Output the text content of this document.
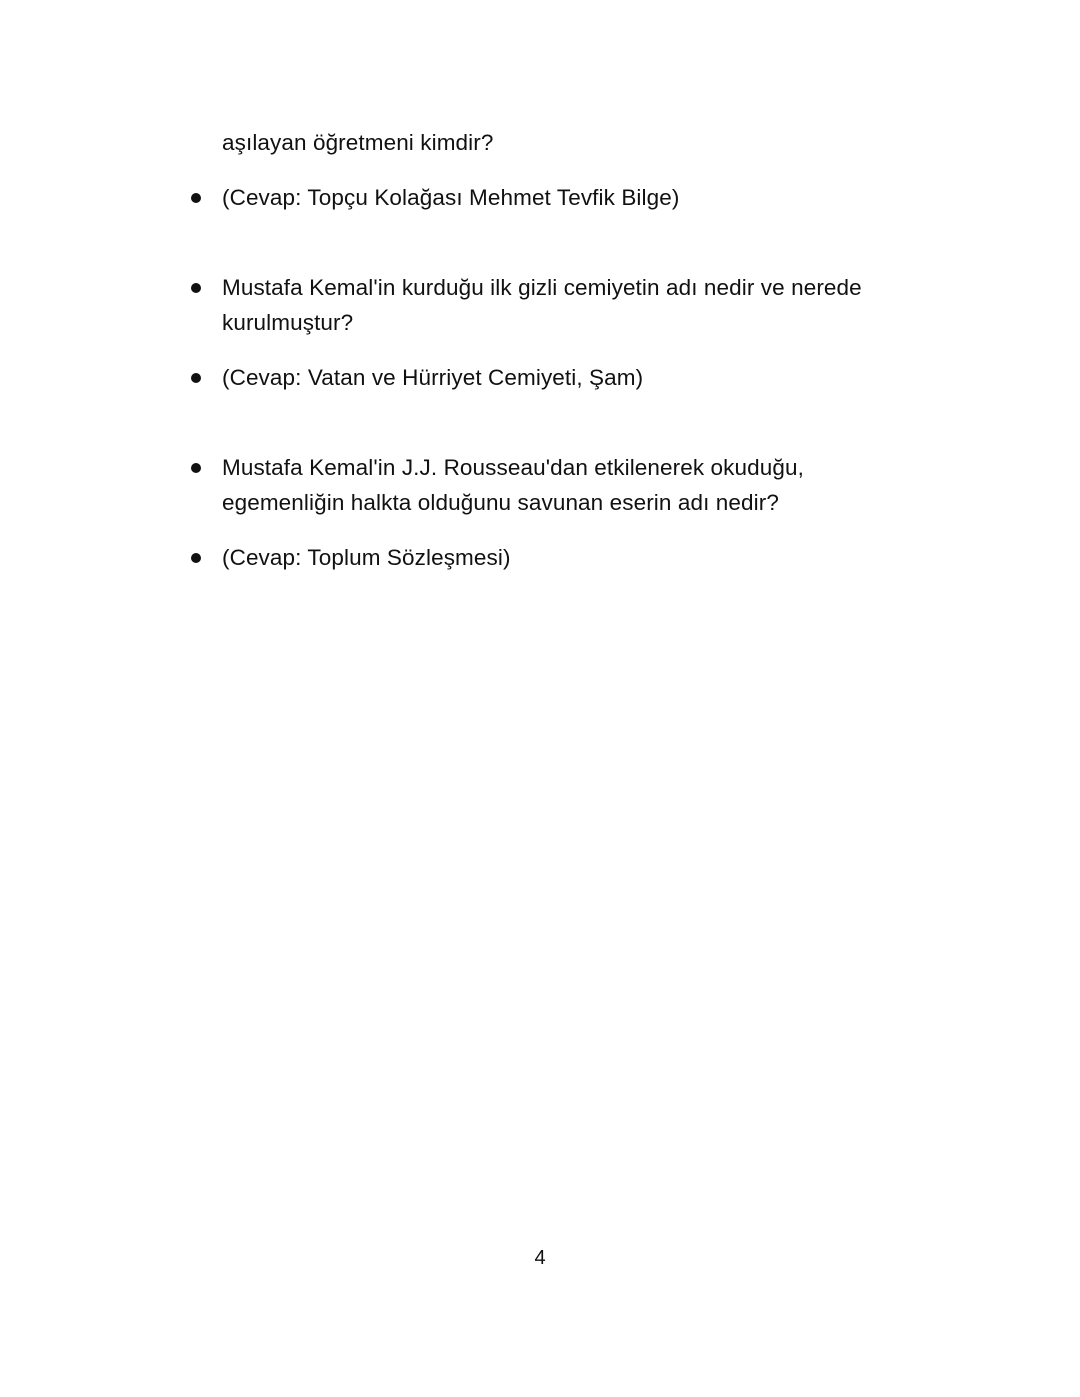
aşılayan öğretmeni kimdir?
(Cevap: Topçu Kolağası Mehmet Tevfik Bilge)
Mustafa Kemal'in kurduğu ilk gizli cemiyetin adı nedir ve nerede
kurulmuştur?
(Cevap: Vatan ve Hürriyet Cemiyeti, Şam)
Mustafa Kemal'in J.J. Rousseau'dan etkilenerek okuduğu,
egemenliğin halkta olduğunu savunan eserin adı nedir?
(Cevap: Toplum Sözleşmesi)
4
